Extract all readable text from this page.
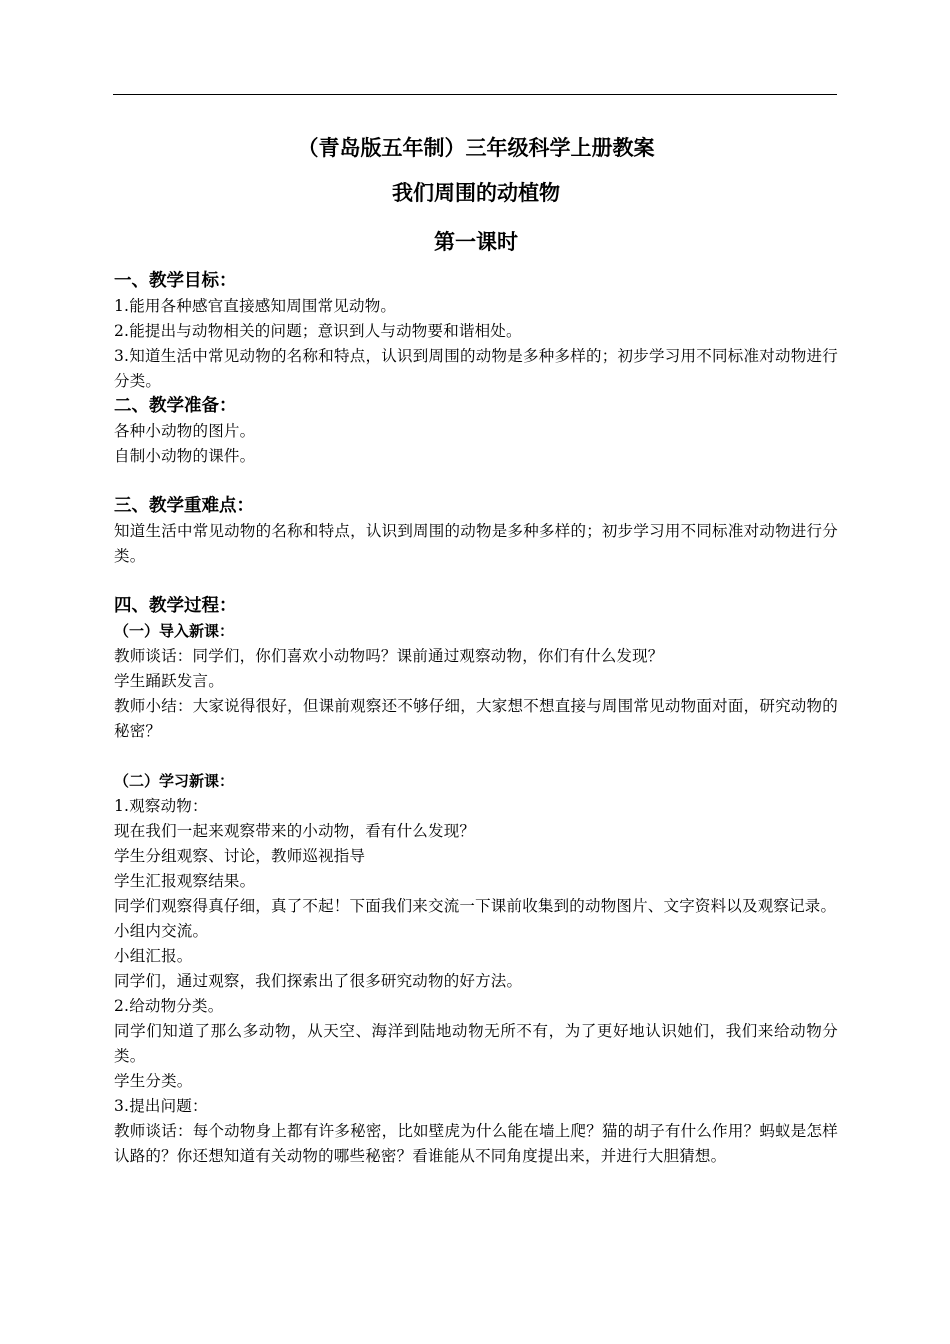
（青岛版五年制）三年级科学上册教案
我们周围的动植物
第一课时

一、教学目标：

1.能用各种感官直接感知周围常见动物。

2.能提出与动物相关的问题；意识到人与动物要和谐相处。

3.知道生活中常见动物的名称和特点，认识到周围的动物是多种多样的；初步学习用不同标准对动物进行分类。

二、教学准备：

各种小动物的图片。

自制小动物的课件。

三、教学重难点：

知道生活中常见动物的名称和特点，认识到周围的动物是多种多样的；初步学习用不同标准对动物进行分类。

四、教学过程：

（一）导入新课：

教师谈话：同学们，你们喜欢小动物吗？课前通过观察动物，你们有什么发现？

学生踊跃发言。

教师小结：大家说得很好，但课前观察还不够仔细，大家想不想直接与周围常见动物面对面，研究动物的秘密？

（二）学习新课：

1.观察动物：

现在我们一起来观察带来的小动物，看有什么发现？

学生分组观察、讨论，教师巡视指导

学生汇报观察结果。

同学们观察得真仔细，真了不起！下面我们来交流一下课前收集到的动物图片、文字资料以及观察记录。

小组内交流。

小组汇报。

同学们，通过观察，我们探索出了很多研究动物的好方法。

2.给动物分类。

同学们知道了那么多动物，从天空、海洋到陆地动物无所不有，为了更好地认识她们，我们来给动物分类。

学生分类。

3.提出问题：

教师谈话：每个动物身上都有许多秘密，比如壁虎为什么能在墙上爬？猫的胡子有什么作用？蚂蚁是怎样认路的？你还想知道有关动物的哪些秘密？看谁能从不同角度提出来，并进行大胆猜想。
